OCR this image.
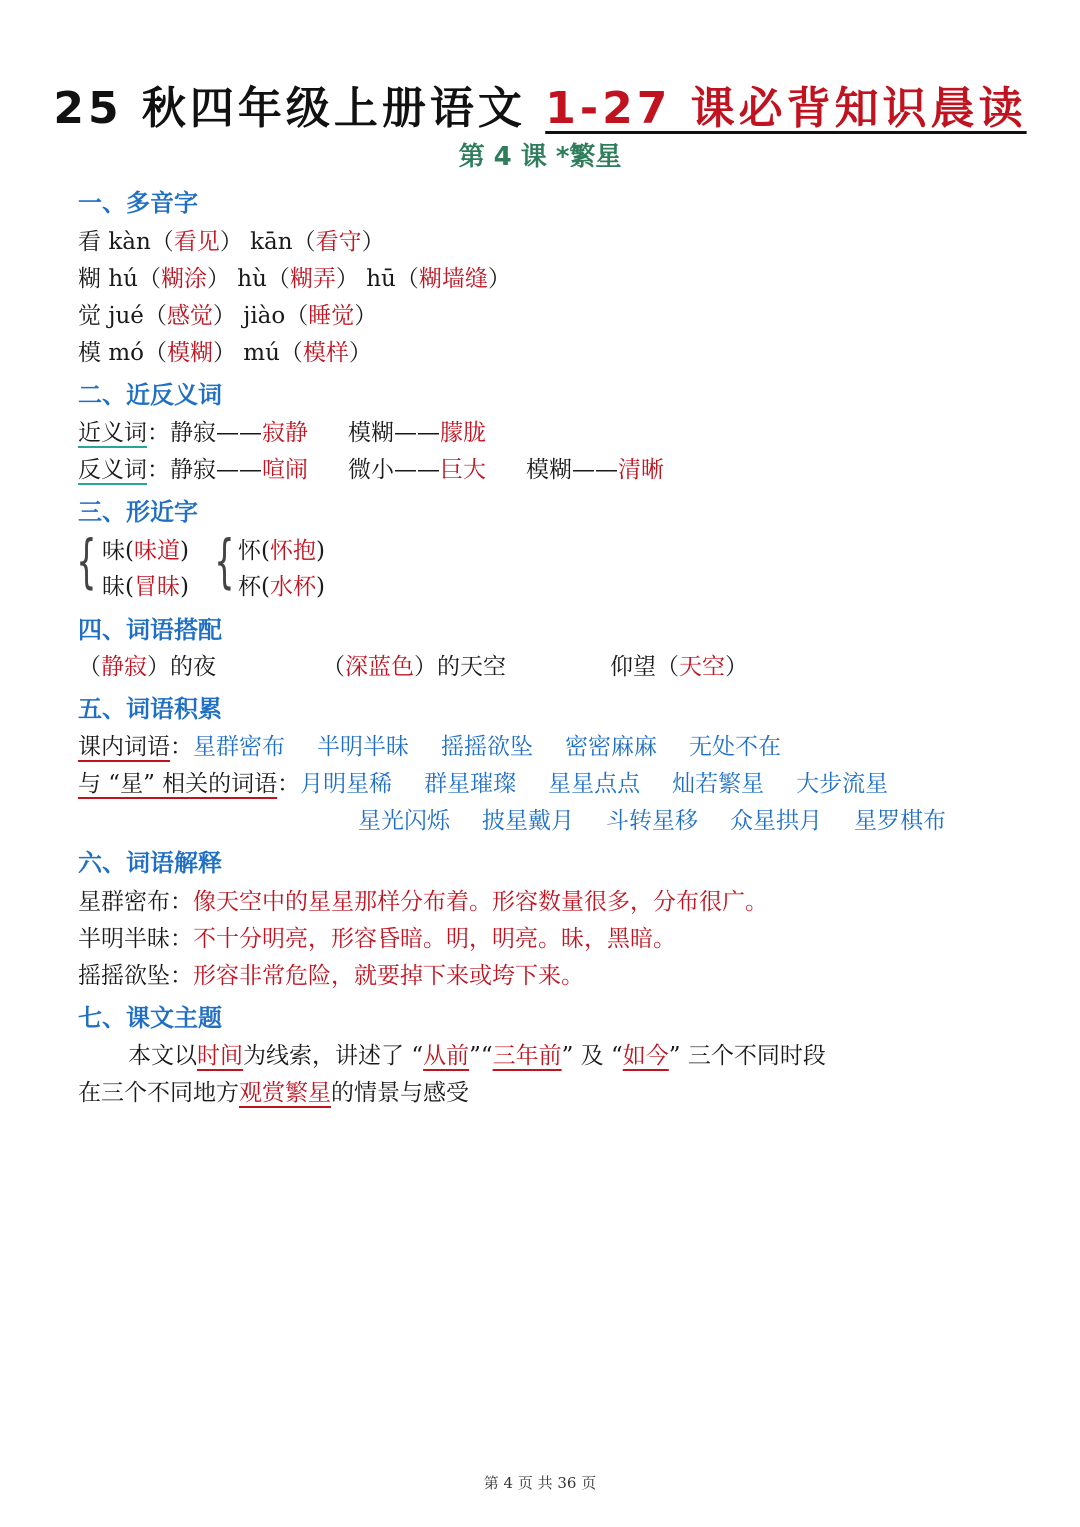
25 秋四年级上册语文 1-27 课必背知识晨读
第 4 课 *繁星
一、多音字
看 kàn（看见） kān（看守）
糊 hú（糊涂） hù（糊弄） hū（糊墙缝）
觉 jué（感觉） jiào（睡觉）
模 mó（模糊） mú（模样）
二、近反义词
近义词：静寂——寂静 模糊——朦胧
反义词：静寂——喧闹 微小——巨大 模糊——清晰
三、形近字
{ 味(味道)
昧(冒昧) { 怀(怀抱)
杯(水杯)
四、词语搭配
（静寂）的夜	（深蓝色）的天空	仰望（天空）
五、词语积累
课内词语：星群密布 半明半昧 摇摇欲坠 密密麻麻 无处不在
与 “星” 相关的词语：月明星稀 群星璀璨 星星点点 灿若繁星 大步流星
星光闪烁 披星戴月 斗转星移 众星拱月 星罗棋布
六、词语解释
星群密布：像天空中的星星那样分布着。形容数量很多，分布很广。
半明半昧：不十分明亮，形容昏暗。明，明亮。昧，黑暗。
摇摇欲坠：形容非常危险，就要掉下来或垮下来。
七、课文主题
本文以时间为线索，讲述了 “从前”“三年前” 及 “如今” 三个不同时段
在三个不同地方观赏繁星的情景与感受
第 4 页 共 36 页
